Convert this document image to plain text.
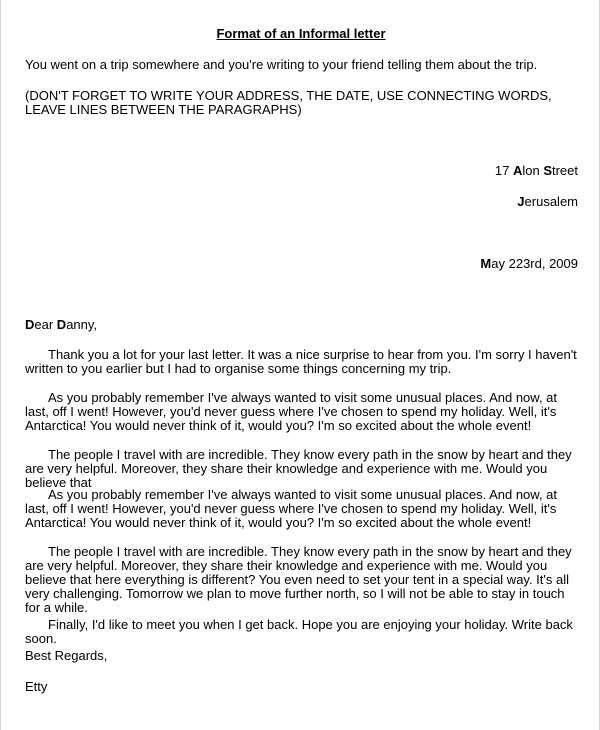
Format of an Informal letter

You went on a trip somewhere and you're writing to your friend telling them about the trip.

(DON'T FORGET TO WRITE YOUR ADDRESS, THE DATE, USE CONNECTING WORDS, LEAVE LINES BETWEEN THE PARAGRAPHS)

17 Alon Street

Jerusalem

May 223rd, 2009

Dear Danny,

Thank you a lot for your last letter. It was a nice surprise to hear from you. I'm sorry I haven't written to you earlier but I had to organise some things concerning my trip.

As you probably remember I've always wanted to visit some unusual places. And now, at last, off I went! However, you'd never guess where I've chosen to spend my holiday. Well, it's Antarctica! You would never think of it, would you? I'm so excited about the whole event!

The people I travel with are incredible. They know every path in the snow by heart and they are very helpful. Moreover, they share their knowledge and experience with me. Would you believe that

As you probably remember I've always wanted to visit some unusual places. And now, at last, off I went! However, you'd never guess where I've chosen to spend my holiday. Well, it's Antarctica! You would never think of it, would you? I'm so excited about the whole event!

The people I travel with are incredible. They know every path in the snow by heart and they are very helpful. Moreover, they share their knowledge and experience with me. Would you believe that here everything is different? You even need to set your tent in a special way. It's all very challenging. Tomorrow we plan to move further north, so I will not be able to stay in touch for a while.

Finally, I'd like to meet you when I get back. Hope you are enjoying your holiday. Write back soon.

Best Regards,

Etty
